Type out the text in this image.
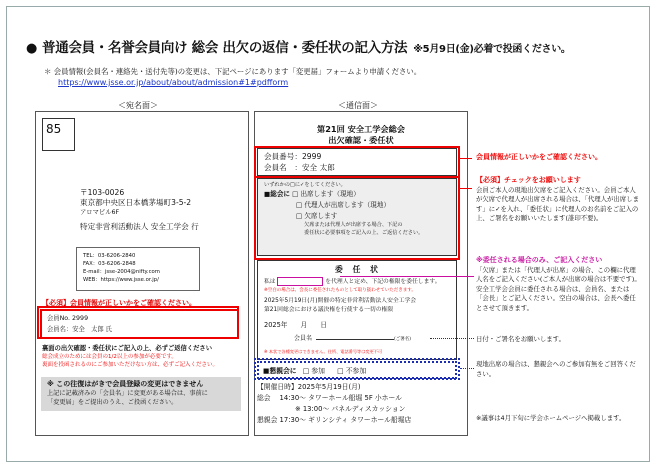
● 普通会員・名誉会員向け 総会 出欠の返信・委任状の記入方法 ※5月9日(金)必着で投函ください。
＊ 会員情報(会員名・連絡先・送付先等)の変更は、下記ページにあります「変更届」フォームより申請ください。
https://www.jsse.or.jp/about/about/admission#1#pdfform
＜宛名面＞	＜通信面＞
85
〒103-0026
東京都中央区日本橋茅場町3-5-2
アロマビル6F
特定非営利活動法人 安全工学会 行
TEL：03-6206-2840
FAX：03-6206-2848
E-mail：jsse-2004@nifty.com
WEB：https://www.jsse.or.jp/
【必須】会員情報が正しいかをご確認ください。
会員No. 2999
会員名：安全　太郎 氏
裏面の出欠確認・委任状にご記入の上、必ずご返信ください
総会成立のためには会員の1/2以上の参加が必要です。
裏面を投函されるのにご参加いただけない方は、必ずご記入ください。
※ この往復はがきで会員登録の変更はできません
上記に記載済みの「会員名」に変更がある場合は、事前に
「変更届」をご提出のうえ、ご投函ください。
第21回 安全工学会総会
出欠確認・委任状
会員番号：2999
会員名　：安全 太郎
いずれかの□に✓をしてください。
■総会に □ 出席します（現地）
□ 代理人が出席します（現地）
□ 欠席します
欠席または代理人が出席する場合、下記の
委任状に必要事項をご記入の上、ご返信ください。
委　任　状
私は	を代理人と定め、下記の権限を委任します。
※空白の場合は、会長に委任されたものとして取り扱わせていただきます。
2025年5月19日(月)開催の特定非営利活動法人安全工学会
第21回総会における議決権を行使する一切の権限
2025年　　月　　日
会員名	(ご署名)
※ 本状で各種変更はできません。住所、電話番号等は変更不可
■懇親会に □ 参加 □ 不参加
【開催日時】2025年5月19日(月)
総会　 14:30～ タワーホール船堀 5F 小ホール
※ 13:00～ パネルディスカッション
懇親会 17:30～ ギリンシティ タワーホール船堀店
会員情報が正しいかをご確認ください。
【必須】チェックをお願いします
会員ご本人の現地出欠席をご記入ください。会員ご本人が欠席で代理人が出席される場合は、「代理人が出席します」に✓を入れ、「委任状」に代理人のお名前をご記入の上、ご署名をお願いいたします(誰印不要)。
※委任される場合のみ、ご記入ください
「欠席」または「代理人が出席」の場合、この欄に代理人名をご記入ください(ご本人が出席の場合は不要です)。安全工学会会員に委任される場合は、会員名、または「会長」とご記入ください。空白の場合は、会長へ委任とさせて頂きます。
日付・ご署名をお願いします。
現地出席の場合は、懇親会へのご参加有無をご回答ください。
※議事は4月下旬に学会ホームページへ掲載します。
